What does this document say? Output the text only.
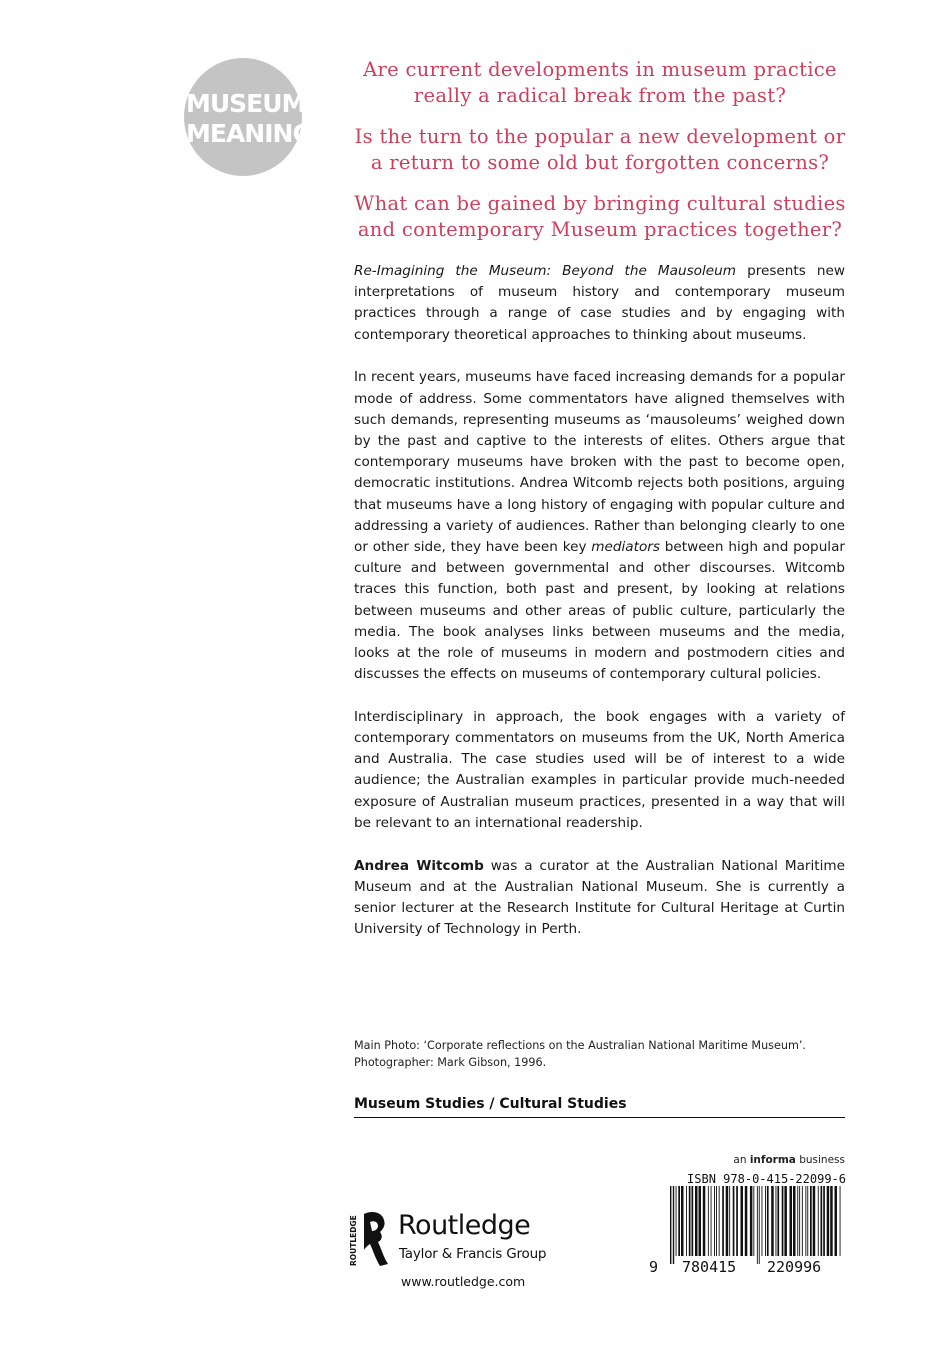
MUSEUM
MEANINGS

Are current developments in museum practice really a radical break from the past?

Is the turn to the popular a new development or a return to some old but forgotten concerns?

What can be gained by bringing cultural studies and contemporary Museum practices together?

Re-Imagining the Museum: Beyond the Mausoleum presents new interpretations of museum history and contemporary museum practices through a range of case studies and by engaging with contemporary theoretical approaches to thinking about museums.

In recent years, museums have faced increasing demands for a popular mode of address. Some commentators have aligned themselves with such demands, representing museums as ‘mausoleums’ weighed down by the past and captive to the interests of elites. Others argue that contemporary museums have broken with the past to become open, democratic institutions. Andrea Witcomb rejects both positions, arguing that museums have a long history of engaging with popular culture and addressing a variety of audiences. Rather than belonging clearly to one or other side, they have been key mediators between high and popular culture and between governmental and other discourses. Witcomb traces this function, both past and present, by looking at relations between museums and other areas of public culture, particularly the media. The book analyses links between museums and the media, looks at the role of museums in modern and postmodern cities and discusses the effects on museums of contemporary cultural policies.

Interdisciplinary in approach, the book engages with a variety of contemporary commentators on museums from the UK, North America and Australia. The case studies used will be of interest to a wide audience; the Australian examples in particular provide much-needed exposure of Australian museum practices, presented in a way that will be relevant to an international readership.

Andrea Witcomb was a curator at the Australian National Maritime Museum and at the Australian National Museum. She is currently a senior lecturer at the Research Institute for Cultural Heritage at Curtin University of Technology in Perth.

Main Photo: ‘Corporate reflections on the Australian National Maritime Museum’.
Photographer: Mark Gibson, 1996.
Museum Studies / Cultural Studies
an informa business
ISBN 978-0-415-22099-6
9 780415 220996
ROUTLEDGE Routledge
Taylor & Francis Group
www.routledge.com
